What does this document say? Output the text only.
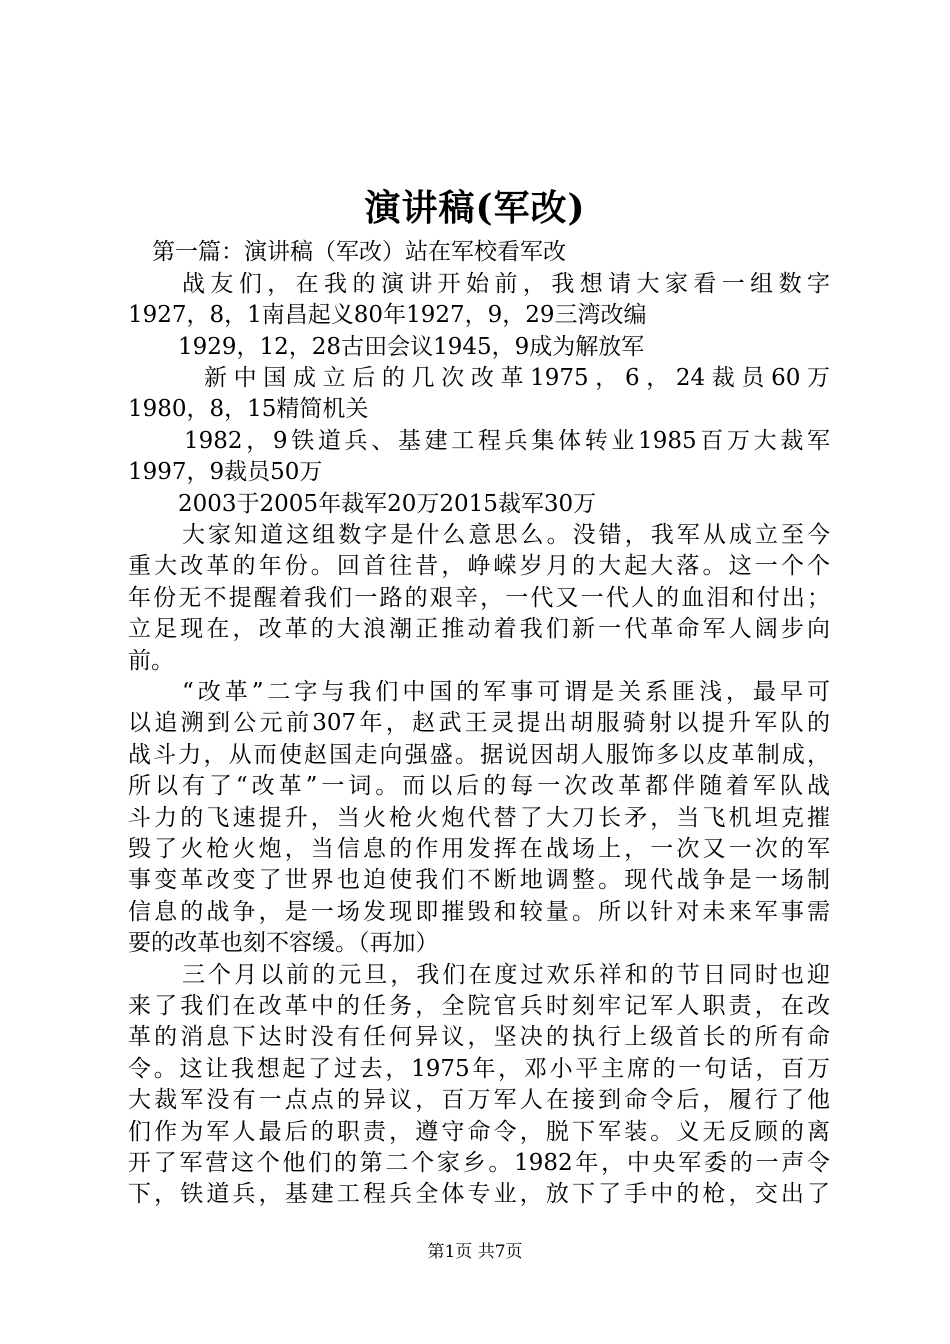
演讲稿(军改)
第一篇：演讲稿（军改）站在军校看军改
战友们，在我的演讲开始前，我想请大家看一组数字
1927，8，1南昌起义80年1927，9，29三湾改编
1929，12，28古田会议1945，9成为解放军
新中国成立后的几次改革1975，6，24裁员60万
1980，8，15精简机关
1982，9铁道兵、基建工程兵集体转业1985百万大裁军
1997，9裁员50万
2003于2005年裁军20万2015裁军30万
大家知道这组数字是什么意思么。没错，我军从成立至今
重大改革的年份。回首往昔，峥嵘岁月的大起大落。这一个个
年份无不提醒着我们一路的艰辛，一代又一代人的血泪和付出；
立足现在，改革的大浪潮正推动着我们新一代革命军人阔步向
前。
“改革”二字与我们中国的军事可谓是关系匪浅，最早可
以追溯到公元前307年，赵武王灵提出胡服骑射以提升军队的
战斗力，从而使赵国走向强盛。据说因胡人服饰多以皮革制成，
所以有了“改革”一词。而以后的每一次改革都伴随着军队战
斗力的飞速提升，当火枪火炮代替了大刀长矛，当飞机坦克摧
毁了火枪火炮，当信息的作用发挥在战场上，一次又一次的军
事变革改变了世界也迫使我们不断地调整。现代战争是一场制
信息的战争，是一场发现即摧毁和较量。所以针对未来军事需
要的改革也刻不容缓。（再加）
三个月以前的元旦，我们在度过欢乐祥和的节日同时也迎
来了我们在改革中的任务，全院官兵时刻牢记军人职责，在改
革的消息下达时没有任何异议，坚决的执行上级首长的所有命
令。这让我想起了过去，1975年，邓小平主席的一句话，百万
大裁军没有一点点的异议，百万军人在接到命令后，履行了他
们作为军人最后的职责，遵守命令，脱下军装。义无反顾的离
开了军营这个他们的第二个家乡。1982年，中央军委的一声令
下，铁道兵，基建工程兵全体专业，放下了手中的枪，交出了
第1页 共7页
